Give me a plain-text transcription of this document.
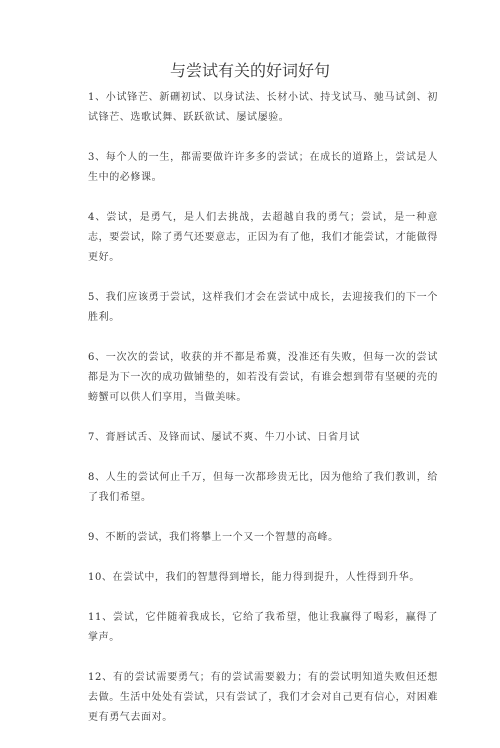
与尝试有关的好词好句

1、小试锋芒、新硎初试、以身试法、长材小试、持戈试马、驰马试剑、初试锋芒、选歌试舞、跃跃欲试、屡试屡验。

3、每个人的一生，都需要做许许多多的尝试；在成长的道路上，尝试是人生中的必修课。

4、尝试，是勇气，是人们去挑战，去超越自我的勇气；尝试，是一种意志，要尝试，除了勇气还要意志，正因为有了他，我们才能尝试，才能做得更好。

5、我们应该勇于尝试，这样我们才会在尝试中成长，去迎接我们的下一个胜利。

6、一次次的尝试，收获的并不都是希冀，没准还有失败，但每一次的尝试都是为下一次的成功做铺垫的，如若没有尝试，有谁会想到带有坚硬的壳的螃蟹可以供人们享用，当做美味。

7、膏唇试舌、及锋而试、屡试不爽、牛刀小试、日省月试

8、人生的尝试何止千万，但每一次都珍贵无比，因为他给了我们教训，给了我们希望。

9、不断的尝试，我们将攀上一个又一个智慧的高峰。

10、在尝试中，我们的智慧得到增长，能力得到提升，人性得到升华。

11、尝试，它伴随着我成长，它给了我希望，他让我赢得了喝彩，赢得了掌声。

12、有的尝试需要勇气；有的尝试需要毅力；有的尝试明知道失败但还想去做。生活中处处有尝试，只有尝试了，我们才会对自己更有信心，对困难更有勇气去面对。
